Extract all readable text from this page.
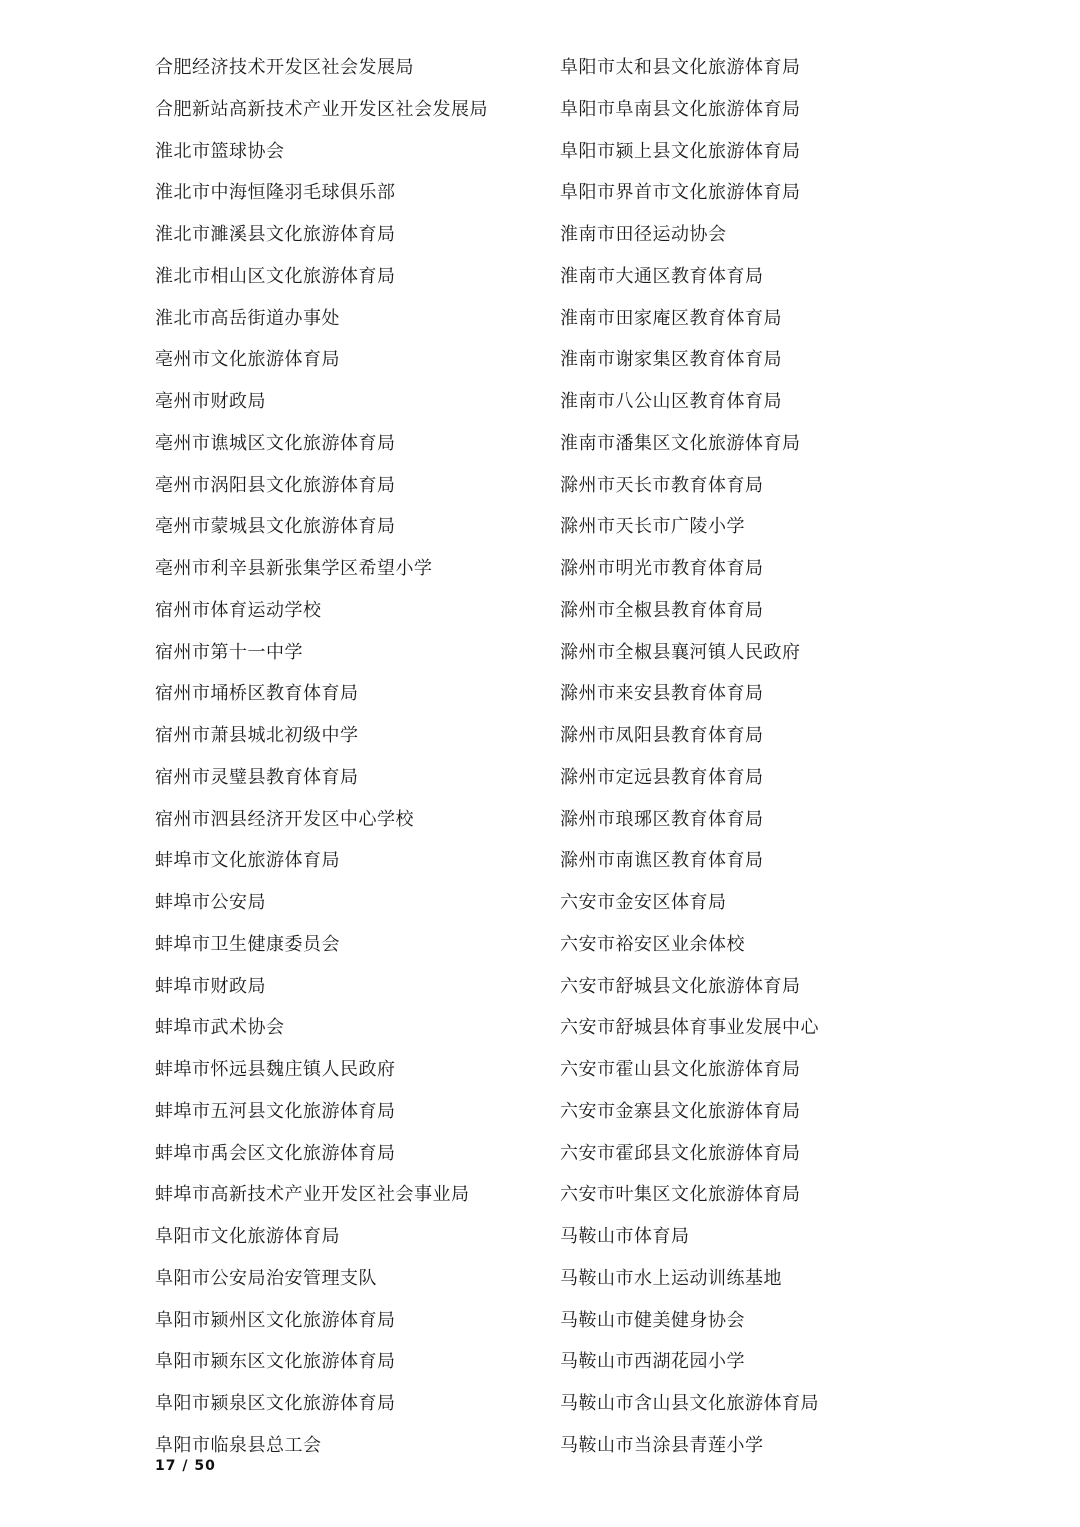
合肥经济技术开发区社会发展局
合肥新站高新技术产业开发区社会发展局
淮北市篮球协会
淮北市中海恒隆羽毛球俱乐部
淮北市濉溪县文化旅游体育局
淮北市相山区文化旅游体育局
淮北市高岳街道办事处
亳州市文化旅游体育局
亳州市财政局
亳州市谯城区文化旅游体育局
亳州市涡阳县文化旅游体育局
亳州市蒙城县文化旅游体育局
亳州市利辛县新张集学区希望小学
宿州市体育运动学校
宿州市第十一中学
宿州市埇桥区教育体育局
宿州市萧县城北初级中学
宿州市灵璧县教育体育局
宿州市泗县经济开发区中心学校
蚌埠市文化旅游体育局
蚌埠市公安局
蚌埠市卫生健康委员会
蚌埠市财政局
蚌埠市武术协会
蚌埠市怀远县魏庄镇人民政府
蚌埠市五河县文化旅游体育局
蚌埠市禹会区文化旅游体育局
蚌埠市高新技术产业开发区社会事业局
阜阳市文化旅游体育局
阜阳市公安局治安管理支队
阜阳市颍州区文化旅游体育局
阜阳市颍东区文化旅游体育局
阜阳市颍泉区文化旅游体育局
阜阳市临泉县总工会
阜阳市太和县文化旅游体育局
阜阳市阜南县文化旅游体育局
阜阳市颍上县文化旅游体育局
阜阳市界首市文化旅游体育局
淮南市田径运动协会
淮南市大通区教育体育局
淮南市田家庵区教育体育局
淮南市谢家集区教育体育局
淮南市八公山区教育体育局
淮南市潘集区文化旅游体育局
滁州市天长市教育体育局
滁州市天长市广陵小学
滁州市明光市教育体育局
滁州市全椒县教育体育局
滁州市全椒县襄河镇人民政府
滁州市来安县教育体育局
滁州市凤阳县教育体育局
滁州市定远县教育体育局
滁州市琅琊区教育体育局
滁州市南谯区教育体育局
六安市金安区体育局
六安市裕安区业余体校
六安市舒城县文化旅游体育局
六安市舒城县体育事业发展中心
六安市霍山县文化旅游体育局
六安市金寨县文化旅游体育局
六安市霍邱县文化旅游体育局
六安市叶集区文化旅游体育局
马鞍山市体育局
马鞍山市水上运动训练基地
马鞍山市健美健身协会
马鞍山市西湖花园小学
马鞍山市含山县文化旅游体育局
马鞍山市当涂县青莲小学
17 / 50
